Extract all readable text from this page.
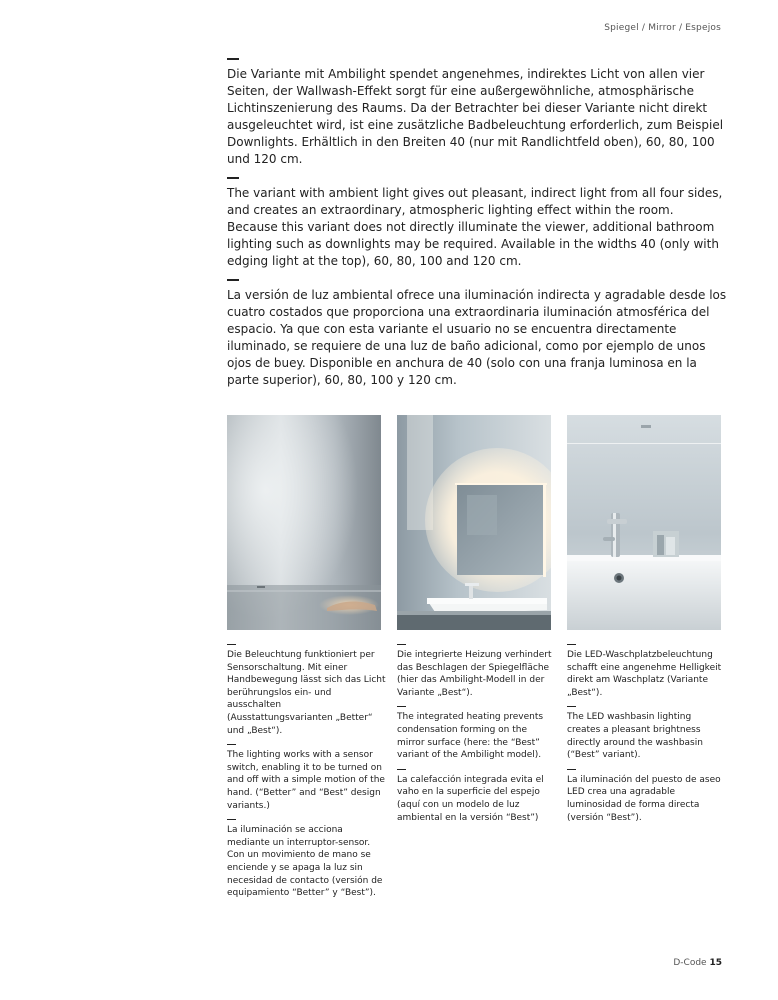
Spiegel / Mirror / Espejos

Die Variante mit Ambilight spendet angenehmes, indirektes Licht von allen vier Seiten, der Wallwash-Effekt sorgt für eine außergewöhnliche, atmosphärische Lichtinszenierung des Raums. Da der Betrachter bei dieser Variante nicht direkt ausgeleuchtet wird, ist eine zusätzliche Badbeleuchtung erforderlich, zum Beispiel Downlights. Erhältlich in den Breiten 40 (nur mit Randlichtfeld oben), 60, 80, 100 und 120 cm.

The variant with ambient light gives out pleasant, indirect light from all four sides, and creates an extraordinary, atmospheric lighting effect within the room. Because this variant does not directly illuminate the viewer, additional bathroom lighting such as downlights may be required. Available in the widths 40 (only with edging light at the top), 60, 80, 100 and 120 cm.

La versión de luz ambiental ofrece una iluminación indirecta y agradable desde los cuatro costados que proporciona una extraordinaria iluminación atmosférica del espacio. Ya que con esta variante el usuario no se encuentra directamente iluminado, se requiere de una luz de baño adicional, como por ejemplo de unos ojos de buey. Disponible en anchura de 40 (solo con una franja luminosa en la parte superior), 60, 80, 100 y 120 cm.

Die Beleuchtung funktioniert per Sensorschaltung. Mit einer Handbewegung lässt sich das Licht berührungslos ein- und ausschalten (Ausstattungsvarianten „Better“ und „Best“).

The lighting works with a sensor switch, enabling it to be turned on and off with a simple motion of the hand. (“Better” and “Best” design variants.)

La iluminación se acciona mediante un interruptor-sensor. Con un movimiento de mano se enciende y se apaga la luz sin necesidad de contacto (versión de equipamiento “Better” y “Best”).

Die integrierte Heizung verhindert das Beschlagen der Spiegelfläche (hier das Ambilight-Modell in der Variante „Best“).

The integrated heating prevents condensation forming on the mirror surface (here: the “Best” variant of the Ambilight model).

La calefacción integrada evita el vaho en la superficie del espejo (aquí con un modelo de luz ambiental en la versión “Best”)

Die LED-Waschplatzbeleuchtung schafft eine angenehme Helligkeit direkt am Waschplatz (Variante „Best“).

The LED washbasin lighting creates a pleasant brightness directly around the washbasin (“Best” variant).

La iluminación del puesto de aseo LED crea una agradable luminosidad de forma directa (versión “Best”).

D-Code 15
